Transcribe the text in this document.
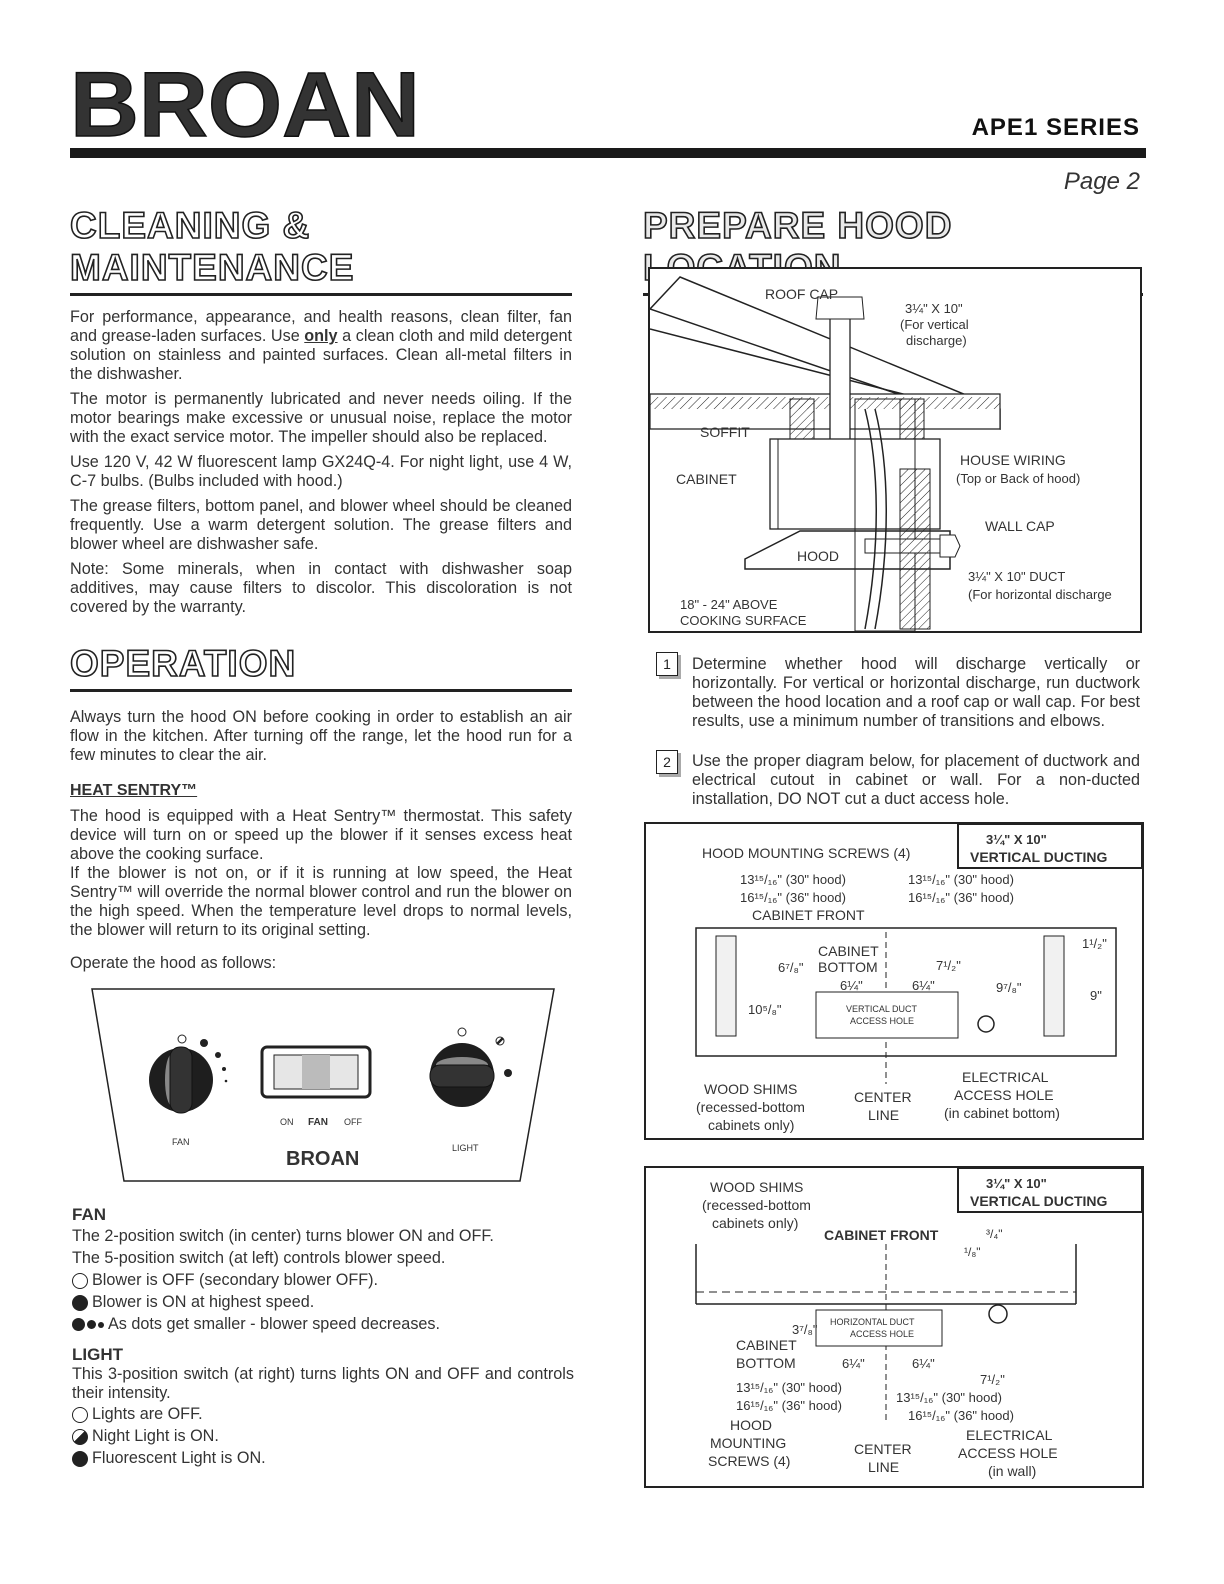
BROAN	APE1 SERIES
Page 2
CLEANING & MAINTENANCE

For performance, appearance, and health reasons, clean filter, fan and grease-laden surfaces. Use only a clean cloth and mild detergent solution on stainless and painted surfaces. Clean all-metal filters in the dishwasher.

The motor is permanently lubricated and never needs oiling. If the motor bearings make excessive or unusual noise, replace the motor with the exact service motor. The impeller should also be replaced.

Use 120 V, 42 W fluorescent lamp GX24Q-4. For night light, use 4 W, C-7 bulbs. (Bulbs included with hood.)

The grease filters, bottom panel, and blower wheel should be cleaned frequently. Use a warm detergent solution. The grease filters and blower wheel are dishwasher safe.

Note: Some minerals, when in contact with dishwasher soap additives, may cause filters to discolor. This discoloration is not covered by the warranty.

OPERATION

Always turn the hood ON before cooking in order to establish an air flow in the kitchen. After turning off the range, let the hood run for a few minutes to clear the air.

HEAT SENTRY™

The hood is equipped with a Heat Sentry™ thermostat. This safety device will turn on or speed up the blower if it senses excess heat above the cooking surface.

If the blower is not on, or if it is running at low speed, the Heat Sentry™ will override the normal blower control and run the blower on the high speed. When the temperature level drops to normal levels, the blower will return to its original setting.

Operate the hood as follows:

FAN
ON FAN OFF
LIGHT
BROAN
FAN
The 2-position switch (in center) turns blower ON and OFF.
The 5-position switch (at left) controls blower speed.
Blower is OFF (secondary blower OFF).
Blower is ON at highest speed.
As dots get smaller - blower speed decreases.
LIGHT
This 3-position switch (at right) turns lights ON and OFF and controls their intensity.
Lights are OFF.
Night Light is ON.
Fluorescent Light is ON.
PREPARE HOOD LOCATION
ROOF CAP
3¼" X 10"
(For vertical
discharge)
SOFFIT
CABINET
HOUSE WIRING
(Top or Back of hood)
WALL CAP
HOOD
3¼" X 10" DUCT
(For horizontal discharge
18" - 24" ABOVE
COOKING SURFACE
1	Determine whether hood will discharge vertically or horizontally. For vertical or horizontal discharge, run ductwork between the hood location and a roof cap or wall cap. For best results, use a minimum number of transitions and elbows.
2	Use the proper diagram below, for placement of ductwork and electrical cutout in cabinet or wall. For a non-ducted installation, DO NOT cut a duct access hole.
3¼" X 10"
VERTICAL DUCTING
HOOD MOUNTING SCREWS (4)
13¹⁵/₁₆" (30" hood)
16¹⁵/₁₆" (36" hood)
13¹⁵/₁₆" (30" hood)
16¹⁵/₁₆" (36" hood)
CABINET FRONT
VERTICAL DUCT
ACCESS HOLE
CABINET
BOTTOM
6⁷/₈"
10⁵/₈"
6¼"	6¼"
7¹/₂"
9⁷/₈"
1¹/₂"
9"
WOOD SHIMS
(recessed-bottom
cabinets only)
CENTER
LINE
ELECTRICAL
ACCESS HOLE
(in cabinet bottom)
3¼" X 10"
VERTICAL DUCTING
WOOD SHIMS
(recessed-bottom
cabinets only)
CABINET FRONT	³/₄"
¹/₈"
HORIZONTAL DUCT
ACCESS HOLE
3⁷/₈"
CABINET
BOTTOM	6¼"	6¼"
7¹/₂"
13¹⁵/₁₆" (30" hood)
16¹⁵/₁₆" (36" hood)
13¹⁵/₁₆" (30" hood)
16¹⁵/₁₆" (36" hood)
HOOD
MOUNTING
SCREWS (4)
CENTER
LINE
ELECTRICAL
ACCESS HOLE
(in wall)
